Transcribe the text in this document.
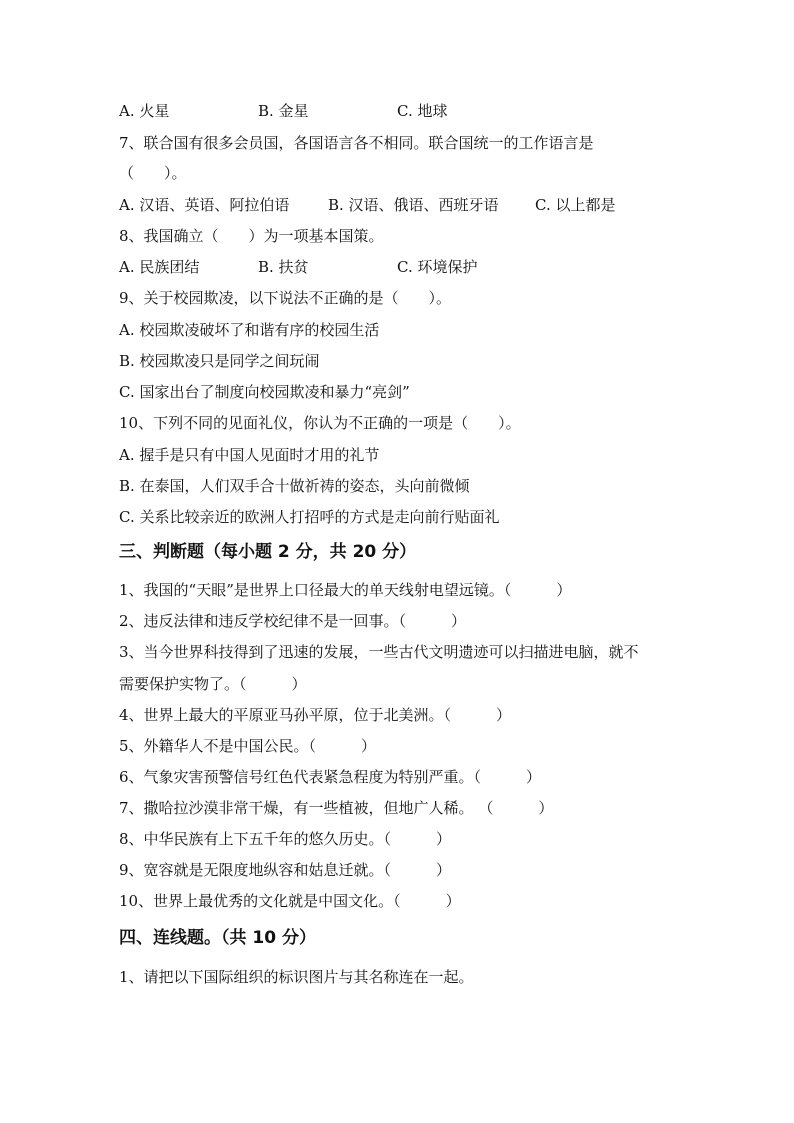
A. 火星	B. 金星	C. 地球
7、联合国有很多会员国，各国语言各不相同。联合国统一的工作语言是
（　　）。
A. 汉语、英语、阿拉伯语	B. 汉语、俄语、西班牙语 C. 以上都是
8、我国确立（　　）为一项基本国策。
A. 民族团结	B. 扶贫	C. 环境保护
9、关于校园欺凌，以下说法不正确的是（　　）。
A. 校园欺凌破坏了和谐有序的校园生活
B. 校园欺凌只是同学之间玩闹
C. 国家出台了制度向校园欺凌和暴力“亮剑”
10、下列不同的见面礼仪，你认为不正确的一项是（　　）。
A. 握手是只有中国人见面时才用的礼节
B. 在泰国，人们双手合十做祈祷的姿态，头向前微倾
C. 关系比较亲近的欧洲人打招呼的方式是走向前行贴面礼
三、判断题（每小题 2 分，共 20 分）
1、我国的“天眼”是世界上口径最大的单天线射电望远镜。（　　　）
2、违反法律和违反学校纪律不是一回事。（　　　）
3、当今世界科技得到了迅速的发展，一些古代文明遗迹可以扫描进电脑，就不
需要保护实物了。（　　　）
4、世界上最大的平原亚马孙平原，位于北美洲。（　　　）
5、外籍华人不是中国公民。（　　　）
6、气象灾害预警信号红色代表紧急程度为特别严重。（　　　）
7、撒哈拉沙漠非常干燥，有一些植被，但地广人稀。 （　　　）
8、中华民族有上下五千年的悠久历史。（　　　）
9、宽容就是无限度地纵容和姑息迁就。（　　　）
10、世界上最优秀的文化就是中国文化。（　　　）
四、连线题。（共 10 分）
1、请把以下国际组织的标识图片与其名称连在一起。
